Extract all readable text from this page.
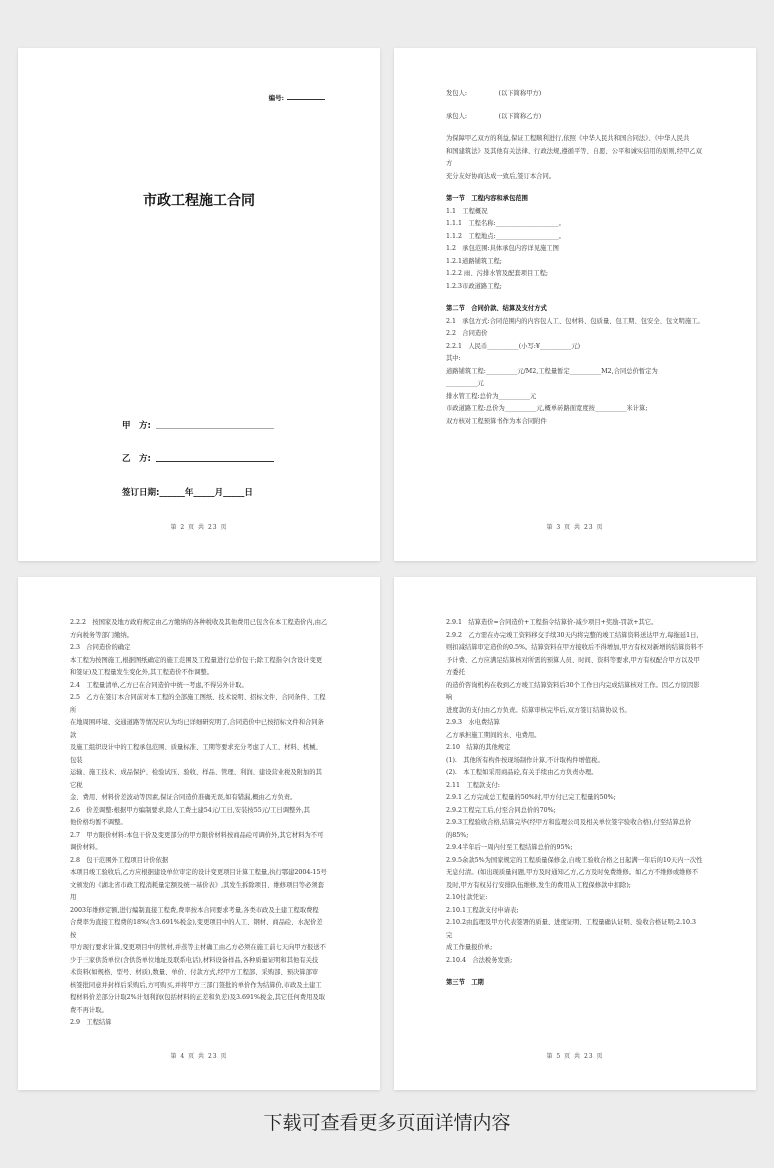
编号:
市政工程施工合同
甲　方:
乙　方:
签订日期:______年_____月_____日
第 2 页 共 23 页
发包人:　　　　　(以下简称甲方)
承包人:　　　　　(以下简称乙方)
为保障甲乙双方的利益,保证工程顺利进行,依照《中华人民共和国合同法》、《中华人民共
和国建筑法》及其他有关法律、行政法规,遵循平等、自愿、公平和诚实信用的原则,经甲乙双方
充分友好协商达成一致后,签订本合同。
第一节　工程内容和承包范围
1.1　工程概况
1.1.1　工程名称:____________________。
1.1.2　工程地点:____________________。
1.2　承包范围:具体承包内容详见施工图
1.2.1道路铺筑工程;
1.2.2 雨、污排水管及配套项目工程;
1.2.3市政道路工程;
第二节　合同价款、结算及支付方式
2.1　承包方式:合同范围内的内容包人工、包材料、包质量、包工期、包安全、包文明施工。
2.2　合同造价
2.2.1　人民币__________(小写:¥__________元)
其中:
道路铺筑工程:__________元/M2,工程量暂定__________M2,合同总价暂定为
__________元
排水管工程:总价为__________元
市政道路工程:总价为__________元,概单砖路面宽度按__________米计算;
双方核对工程预算书作为本合同附件
第 3 页 共 23 页
2.2.2　按国家及地方政府规定由乙方缴纳的各种税收及其他费用已包含在本工程造价内,由乙
方向税务等部门缴纳。
2.3　合同造价的确定
本工程为按图施工,根据图纸确定的施工范围及工程量进行总价包干;除工程指令(含设计变更
和签证)及工程量发生变化外,其工程造价不作调整。
2.4　工程量清单,乙方已在合同造价中统一考虑,不得另外计取。
2.5　乙方在签订本合同前对本工程的全部施工图纸、技术说明、招标文件、合同条件、工程所
在地周围环境、交通道路等情况应认为均已详细研究明了,合同造价中已按招标文件和合同条款
及施工组织设计中的工程承包范围、质量标准、工期等要求充分考虑了人工、材料、机械、包装
运输、施工技术、成品保护、检验试压、验收、样品、管理、利润、建设营业税及附加的其它税
金、费用、材料价差波动等因素,保证合同造价准确无误,如有错漏,概由乙方负责。
2.6　价差调整:根据甲方编制要求,除人工费土建54元/工日,安装按55元/工日调整外,其
他价格均暂不调整。
2.7　甲方限价材料:本包干价及变更部分的甲方限价材料按商品砼可调价外,其它材料为不可
调价材料。
2.8　包干范围外工程项目计价依据
本项目竣工验收后,乙方应根据建设单位审定的设计变更项目计算工程量,执行鄂建2004-15号
文颁发的《湖北省市政工程消耗量定额及统一基价表》,其发生拆除项目、维修项目等必须套用
2003年维修定额,进行编制直接工程费,费率按本合同要求考量,各类市政及土建工程取费程
合费率为直接工程费的18%(含3.691%税金),变更项目中的人工、钢材、商品砼、水泥价差按
甲方现行要求计算,变更项目中的管材,并蒸等主材确工由乙方必须在施工前七天向甲方报送不
少于三家供货单位(含供货单位地址及联系电话),材料设备样品,各种质量证明和其他有关技
术资料(如规格、型号、材质),数量、单价、付款方式,经甲方工程部、采购部、预决算部审
核签批同意并封样后采购后,方可购买,并将甲方三部门签批的单价作为结算价,市政及土建工
程材料价差部分计取2%计划利润(包括材料的正差和负差)及3.691%税金,其它任何费用及取
费不再计取。
2.9　工程结算
第 4 页 共 23 页
2.9.1　结算造价=合同造价+工程指令结算价-减少项目+奖励-罚款+其它。
2.9.2　乙方需在办完竣工资料移交手续30天内将完整的竣工结算资料送达甲方,每拖延1日,
则扣减结算审定造价的0.5%。结算资料在甲方接收后不得增加,甲方有权对新增的结算资料不
予计费、乙方应满足结算核对所需的预算人员、时间、资料等要求,甲方有权配合甲方以及甲方委托
的造价咨询机构在收到乙方竣工结算资料后30个工作日内完成结算核对工作。因乙方原因影响
进度款的支付由乙方负责。结算审核完毕后,双方签订结算协议书。
2.9.3　水电费结算
乙方承担施工期间的水、电费用。
2.10　结算的其他规定
(1).　其他所有构件按现场制作计算,不计取构件增值税。
(2).　本工程如采用商品砼,有关手续由乙方负责办理。
2.11　工程款支付:
2.9.1 乙方完成总工程量的50%时,甲方付已完工程量的50%;
2.9.2工程完工后,付至合同总价的70%;
2.9.3工程验收合格,结算完毕(经甲方和监理公司及相关单位签字验收合格),付至结算总价
的85%;
2.9.4半年后一周内付至工程结算总价的95%;
2.9.5余款5%为国家规定的工程质量保修金,自竣工验收合格之日起满一年后的10天内一次性
无息付清。(如出现质量问题,甲方及时通知乙方,乙方及时免费维修。如乙方不维修或维修不
及时,甲方有权另行安排队伍维修,发生的费用从工程保修款中扣除);
2.10付款凭证:
2.10.1工程款支付申请表;
2.10.2由监理及甲方代表签署的质量、进度证明、工程量确认证明、验收合格证明;2.10.3　完
成工作量报价单;
2.10.4　合法税务发票;
第三节　工期
第 5 页 共 23 页
下载可查看更多页面详情内容
